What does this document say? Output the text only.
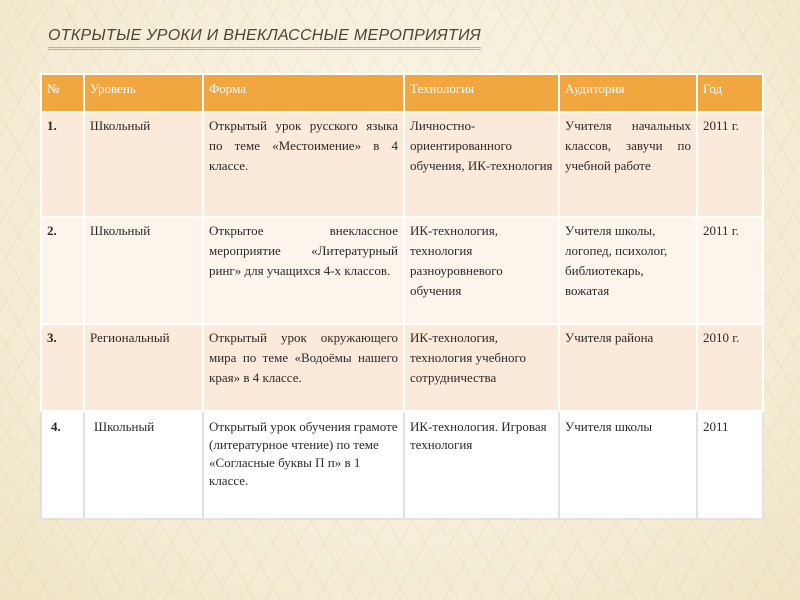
ОТКРЫТЫЕ УРОКИ И ВНЕКЛАССНЫЕ МЕРОПРИЯТИЯ
№	Уровень	Форма	Технология	Аудитория	Год
1.	Школьный	Открытый урок русского языка по теме «Местоимение» в 4 классе.	Личностно-ориентированного обучения, ИК-технология	Учителя начальных классов, завучи по учебной работе	2011 г.
2.	Школьный	Открытое внеклассное мероприятие «Литературный ринг» для учащихся 4-х классов.	ИК-технология, технология разноуровневого обучения	Учителя школы, логопед, психолог, библиотекарь, вожатая	2011 г.
3.	Региональный	Открытый урок окружающего мира по теме «Водоёмы нашего края» в 4 классе.	ИК-технология, технология учебного сотрудничества	Учителя района	2010 г.
4.	Школьный	Открытый урок обучения грамоте (литературное чтение) по теме «Согласные буквы П п» в 1 классе.	ИК-технология. Игровая технология	Учителя школы	2011
